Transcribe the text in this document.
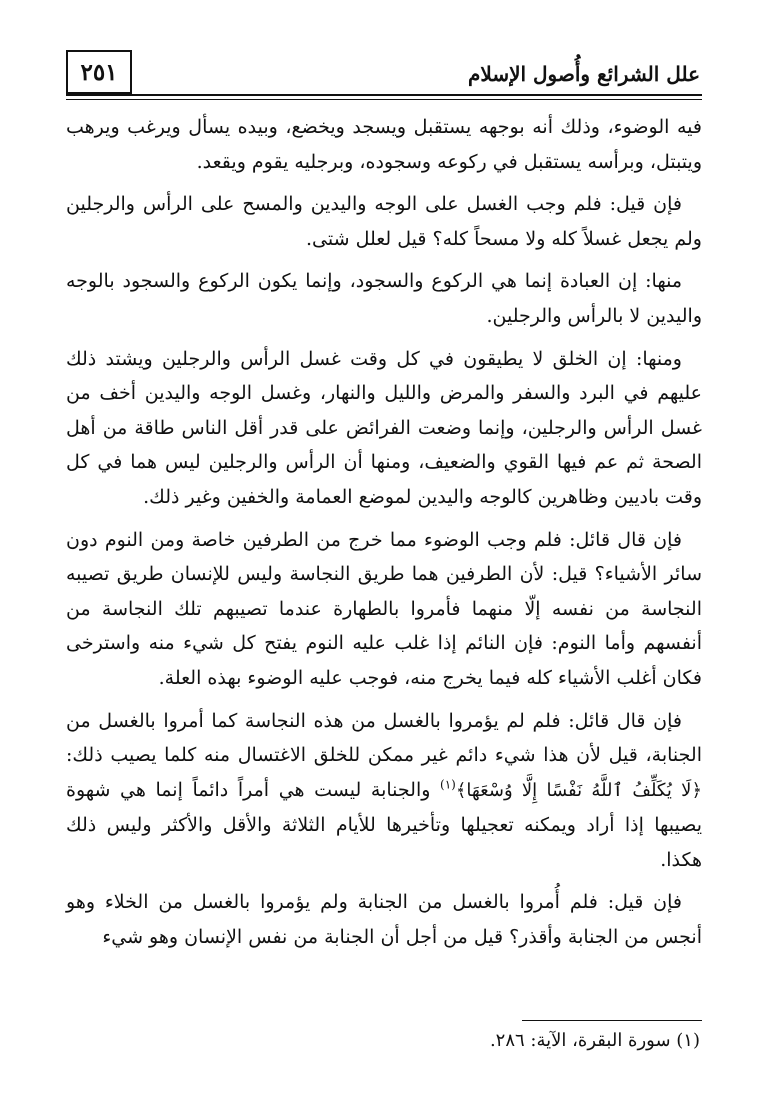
٢٥١	علل الشرائع وأُصول الإسلام

فيه الوضوء، وذلك أنه بوجهه يستقبل ويسجد ويخضع، وبيده يسأل ويرغب ويرهب ويتبتل، وبرأسه يستقبل في ركوعه وسجوده، وبرجليه يقوم ويقعد.

فإن قيل: فلم وجب الغسل على الوجه واليدين والمسح على الرأس والرجلين ولم يجعل غسلاً كله ولا مسحاً كله؟ قيل لعلل شتى.

منها: إن العبادة إنما هي الركوع والسجود، وإنما يكون الركوع والسجود بالوجه واليدين لا بالرأس والرجلين.

ومنها: إن الخلق لا يطيقون في كل وقت غسل الرأس والرجلين ويشتد ذلك عليهم في البرد والسفر والمرض والليل والنهار، وغسل الوجه واليدين أخف من غسل الرأس والرجلين، وإنما وضعت الفرائض على قدر أقل الناس طاقة من أهل الصحة ثم عم فيها القوي والضعيف، ومنها أن الرأس والرجلين ليس هما في كل وقت باديين وظاهرين كالوجه واليدين لموضع العمامة والخفين وغير ذلك.

فإن قال قائل: فلم وجب الوضوء مما خرج من الطرفين خاصة ومن النوم دون سائر الأشياء؟ قيل: لأن الطرفين هما طريق النجاسة وليس للإنسان طريق تصيبه النجاسة من نفسه إلّا منهما فأمروا بالطهارة عندما تصيبهم تلك النجاسة من أنفسهم وأما النوم: فإن النائم إذا غلب عليه النوم يفتح كل شيء منه واسترخى فكان أغلب الأشياء كله فيما يخرج منه، فوجب عليه الوضوء بهذه العلة.

فإن قال قائل: فلم لم يؤمروا بالغسل من هذه النجاسة كما أمروا بالغسل من الجنابة، قيل لأن هذا شيء دائم غير ممكن للخلق الاغتسال منه كلما يصيب ذلك: ﴿لَا يُكَلِّفُ ٱللَّهُ نَفْسًا إِلَّا وُسْعَهَا﴾$^{(١)}$ والجنابة ليست هي أمراً دائماً إنما هي شهوة يصيبها إذا أراد ويمكنه تعجيلها وتأخيرها للأيام الثلاثة والأقل والأكثر وليس ذلك هكذا.

فإن قيل: فلم أُمروا بالغسل من الجنابة ولم يؤمروا بالغسل من الخلاء وهو أنجس من الجنابة وأقذر؟ قيل من أجل أن الجنابة من نفس الإنسان وهو شيء

(١) سورة البقرة، الآية: ٢٨٦.
